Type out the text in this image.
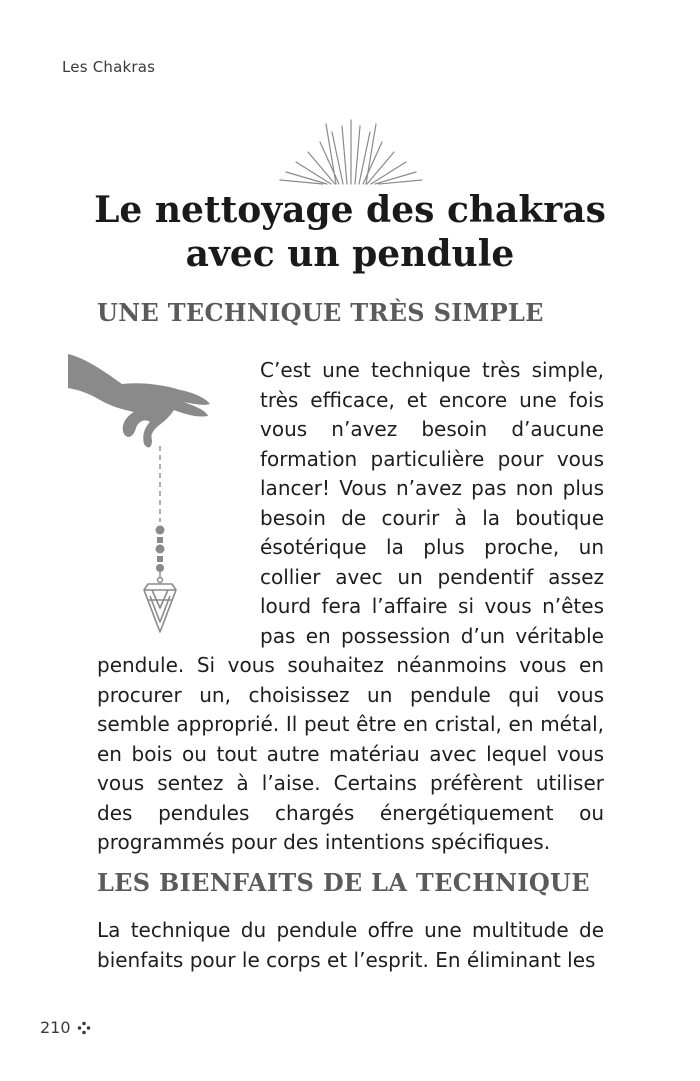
Les Chakras
Le nettoyage des chakras avec un pendule
UNE TECHNIQUE TRÈS SIMPLE
LES BIENFAITS DE LA TECHNIQUE
C’est une technique très simple, très efficace, et encore une fois vous n’avez besoin d’aucune formation particulière pour vous lancer! Vous n’avez pas non plus besoin de courir à la boutique ésotérique la plus proche, un collier avec un pendentif assez lourd fera l’affaire si vous n’êtes pas en possession d’un véritable pendule. Si vous souhaitez néanmoins vous en procurer un, choisissez un pendule qui vous semble approprié. Il peut être en cristal, en métal, en bois ou tout autre matériau avec lequel vous vous sentez à l’aise. Certains préfèrent utiliser des pendules chargés énergétiquement ou programmés pour des intentions spécifiques.

La technique du pendule offre une multitude de bienfaits pour le corps et l’esprit. En éliminant les

210
